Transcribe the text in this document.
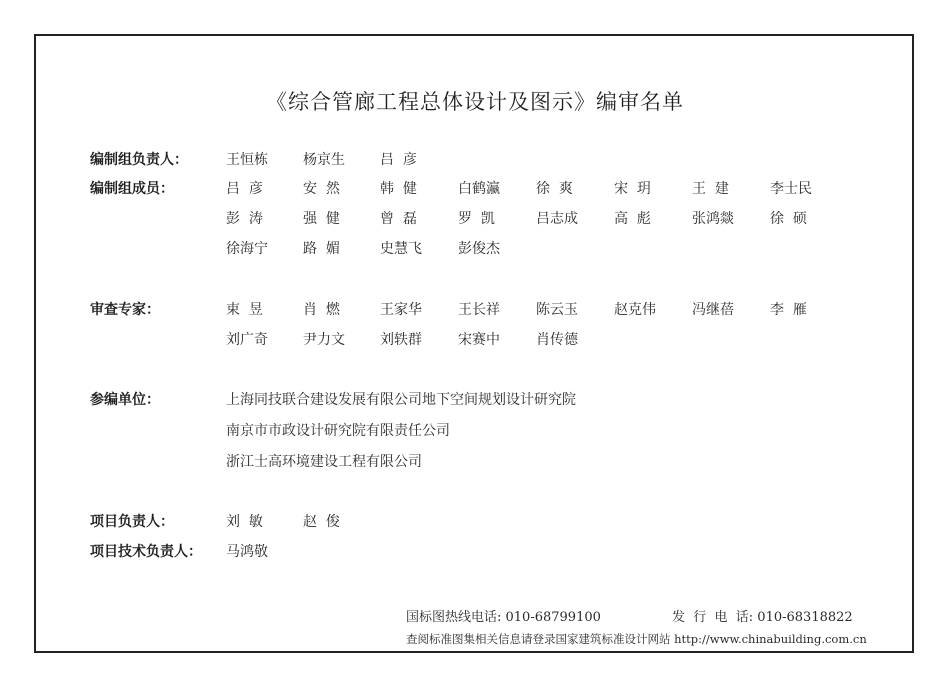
《综合管廊工程总体设计及图示》编审名单
编制组负责人：	王恒栋	杨京生	吕  彦
编制组成员：	吕  彦	安  然	韩  健	白鹤瀛	徐  爽	宋  玥	王  建	李士民
彭  涛	强  健	曾  磊	罗  凯	吕志成	高  彪	张鸿燚	徐  硕
徐海宁	路  媚	史慧飞	彭俊杰
审查专家：	束  昱	肖  燃	王家华	王长祥	陈云玉	赵克伟	冯继蓓	李  雁
刘广奇	尹力文	刘轶群	宋赛中	肖传德
参编单位：	上海同技联合建设发展有限公司地下空间规划设计研究院
南京市市政设计研究院有限责任公司
浙江士高环境建设工程有限公司
项目负责人：	刘  敏	赵  俊
项目技术负责人： 马鸿敬
国标图热线电话: 010-68799100	发  行  电  话: 010-68318822
查阅标准图集相关信息请登录国家建筑标准设计网站 http://www.chinabuilding.com.cn
